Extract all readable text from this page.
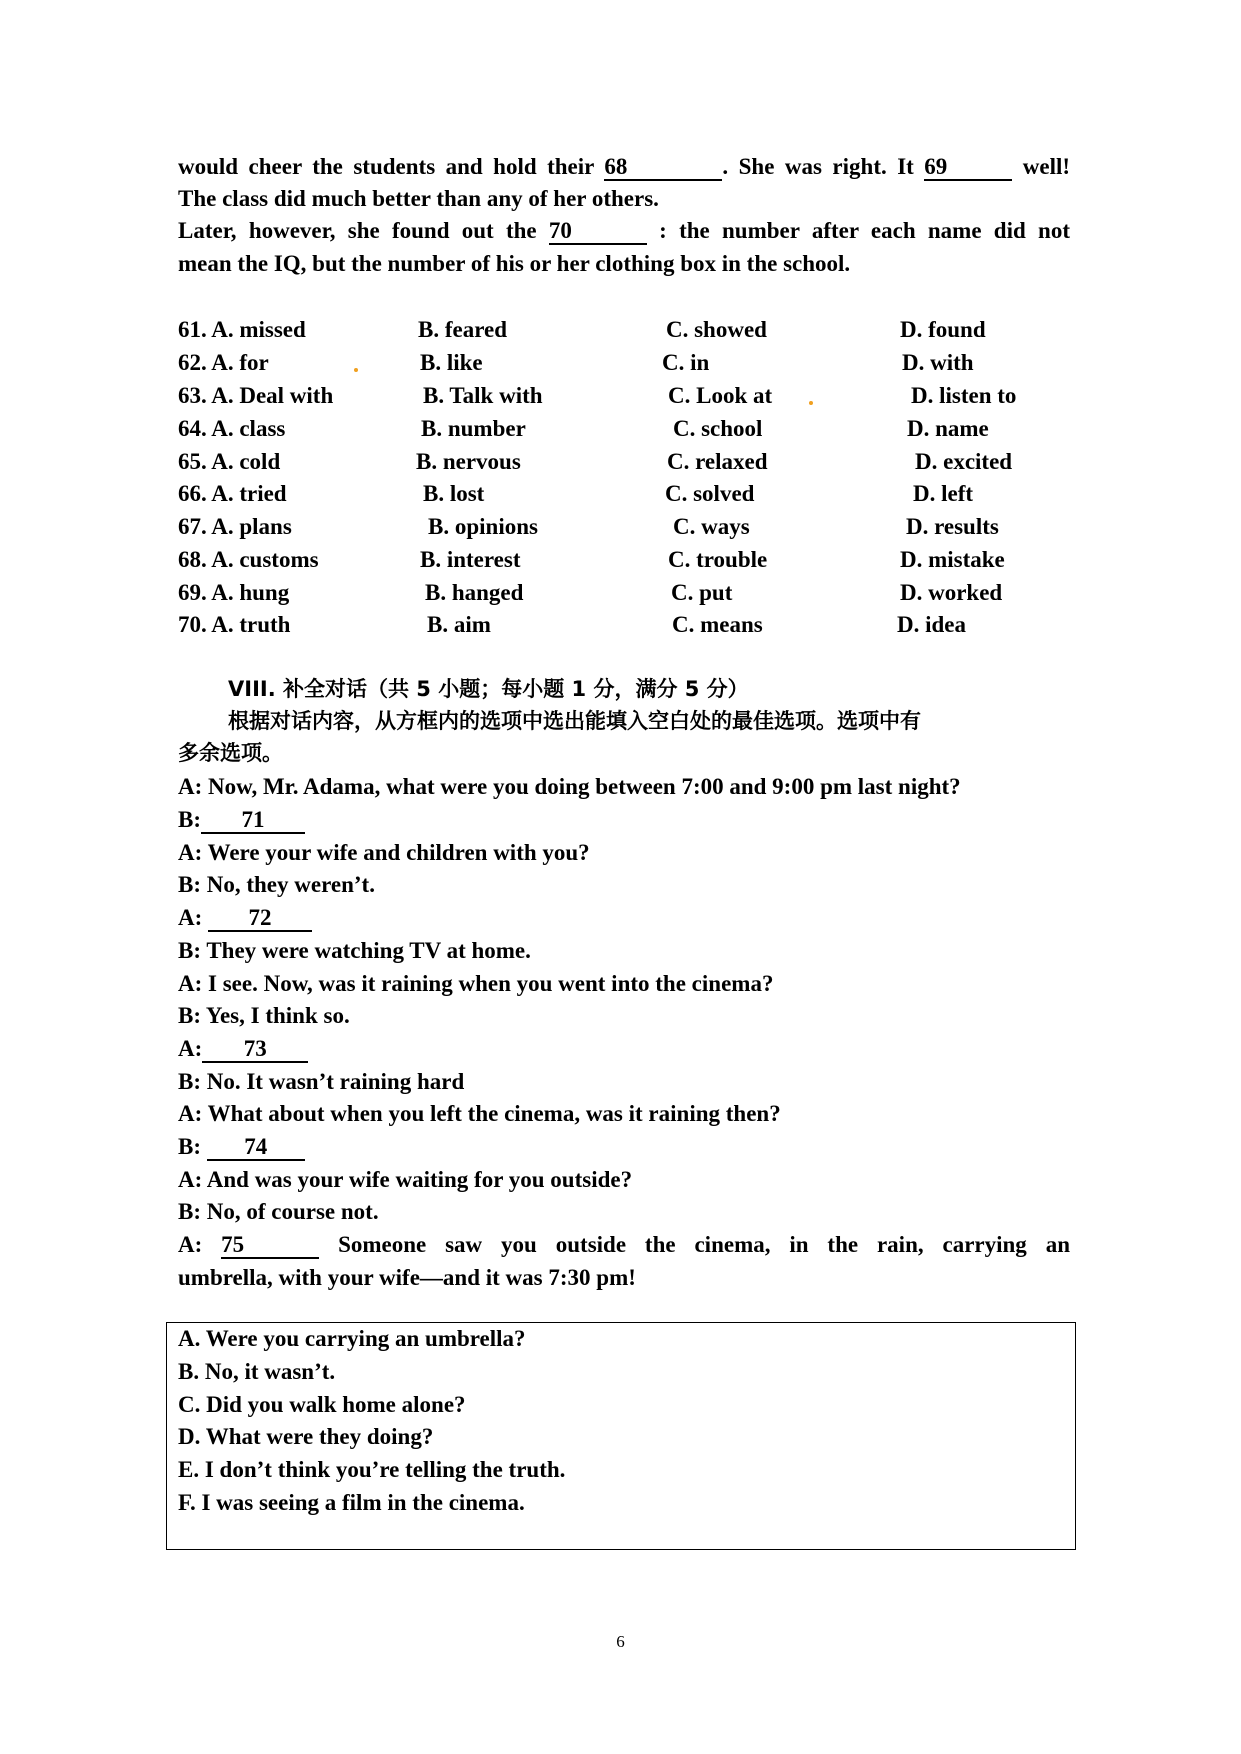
would cheer the students and hold their 68	. She was right. It 69	well!
The class did much better than any of her others.
Later, however, she found out the 70	: the number after each name did not
mean the IQ, but the number of his or her clothing box in the school.
61. A. missed	B. feared	C. showed	D. found
62. A. for	B. like	C. in	D. with
63. A. Deal with	B. Talk with	C. Look at	D. listen to
64. A. class	B. number	C. school	D. name
65. A. cold	B. nervous	C. relaxed	D. excited
66. A. tried	B. lost	C. solved	D. left
67. A. plans	B. opinions	C. ways	D. results
68. A. customs	B. interest	C. trouble	D. mistake
69. A. hung	B. hanged	C. put	D. worked
70. A. truth	B. aim	C. means	D. idea
VIII. 补全对话（共 5 小题；每小题 1 分，满分 5 分）
根据对话内容，从方框内的选项中选出能填入空白处的最佳选项。选项中有
多余选项。
A: Now, Mr. Adama, what were you doing between 7:00 and 9:00 pm last night?
B: 71
A: Were your wife and children with you?
B: No, they weren’t.
A: 72
B: They were watching TV at home.
A: I see. Now, was it raining when you went into the cinema?
B: Yes, I think so.
A: 73
B: No. It wasn’t raining hard
A: What about when you left the cinema, was it raining then?
B: 74
A: And was your wife waiting for you outside?
B: No, of course not.
A: 75	Someone saw you outside the cinema, in the rain, carrying an
umbrella, with your wife—and it was 7:30 pm!
A. Were you carrying an umbrella?
B. No, it wasn’t.
C. Did you walk home alone?
D. What were they doing?
E. I don’t think you’re telling the truth.
F. I was seeing a film in the cinema.
6
